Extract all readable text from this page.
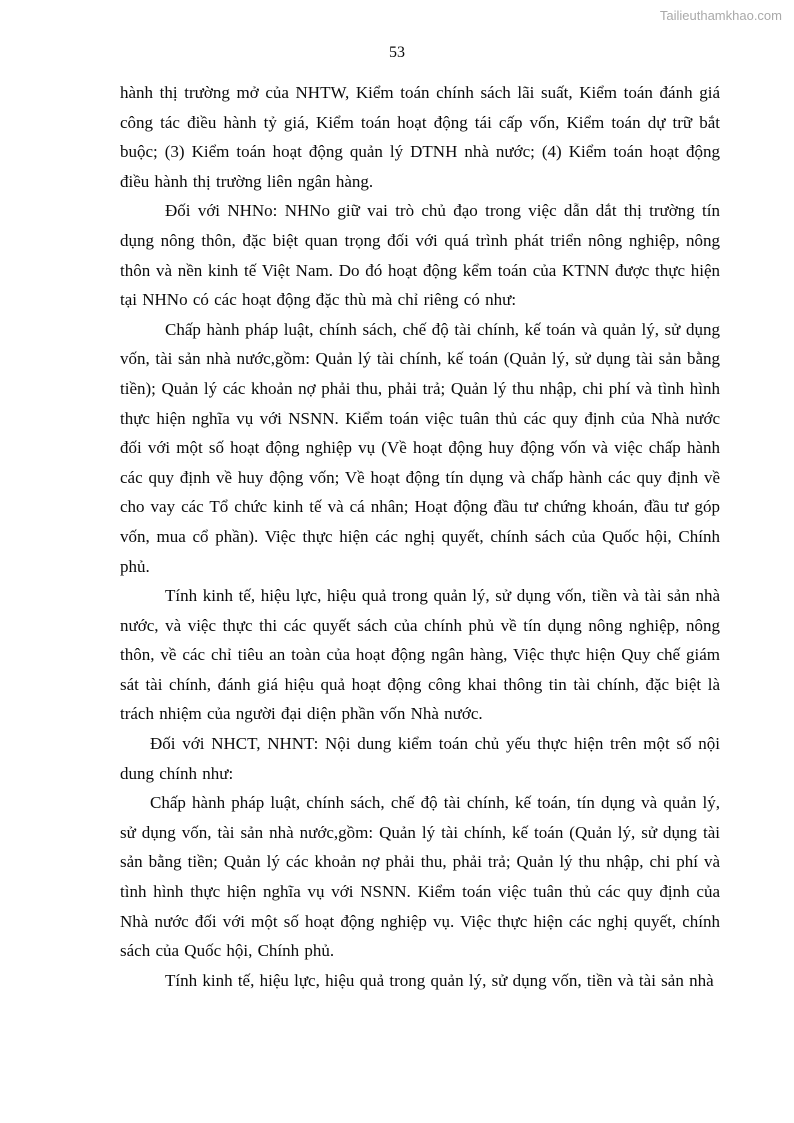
Tailieuthamkhao.com
53

hành thị trường mở của NHTW, Kiểm toán chính sách lãi suất, Kiểm toán đánh giá công tác điều hành tỷ giá, Kiểm toán hoạt động tái cấp vốn, Kiểm toán dự trữ bắt buộc; (3) Kiểm toán hoạt động quản lý DTNH nhà nước; (4) Kiểm toán hoạt động điều hành thị trường liên ngân hàng.

Đối với NHNo: NHNo giữ vai trò chủ đạo trong việc dẫn dắt thị trường tín dụng nông thôn, đặc biệt quan trọng đối với quá trình phát triển nông nghiệp, nông thôn và nền kinh tế Việt Nam. Do đó hoạt động kểm toán của KTNN được thực hiện tại NHNo có các hoạt động đặc thù mà chỉ riêng có như:

Chấp hành pháp luật, chính sách, chế độ tài chính, kế toán và quản lý, sử dụng vốn, tài sản nhà nước,gồm: Quản lý tài chính, kế toán (Quản lý, sử dụng tài sản bằng tiền); Quản lý các khoản nợ phải thu, phải trả; Quản lý thu nhập, chi phí và tình hình thực hiện nghĩa vụ với NSNN. Kiểm toán việc tuân thủ các quy định của Nhà nước đối với một số hoạt động nghiệp vụ (Về hoạt động huy động vốn và việc chấp hành các quy định về huy động vốn; Về hoạt động tín dụng và chấp hành các quy định về cho vay các Tổ chức kinh tế và cá nhân; Hoạt động đầu tư chứng khoán, đầu tư góp vốn, mua cổ phần). Việc thực hiện các nghị quyết, chính sách của Quốc hội, Chính phủ.

Tính kinh tế, hiệu lực, hiệu quả trong quản lý, sử dụng vốn, tiền và tài sản nhà nước, và việc thực thi các quyết sách của chính phủ về tín dụng nông nghiệp, nông thôn, về các chỉ tiêu an toàn của hoạt động ngân hàng, Việc thực hiện Quy chế giám sát tài chính, đánh giá hiệu quả hoạt động công khai thông tin tài chính, đặc biệt là trách nhiệm của người đại diện phần vốn Nhà nước.

Đối với NHCT, NHNT: Nội dung kiểm toán chủ yếu thực hiện trên một số nội dung chính như:

Chấp hành pháp luật, chính sách, chế độ tài chính, kế toán, tín dụng và quản lý, sử dụng vốn, tài sản nhà nước,gồm: Quản lý tài chính, kế toán (Quản lý, sử dụng tài sản bằng tiền; Quản lý các khoản nợ phải thu, phải trả; Quản lý thu nhập, chi phí và tình hình thực hiện nghĩa vụ với NSNN. Kiểm toán việc tuân thủ các quy định của Nhà nước đối với một số hoạt động nghiệp vụ. Việc thực hiện các nghị quyết, chính sách của Quốc hội, Chính phủ.

Tính kinh tế, hiệu lực, hiệu quả trong quản lý, sử dụng vốn, tiền và tài sản nhà
